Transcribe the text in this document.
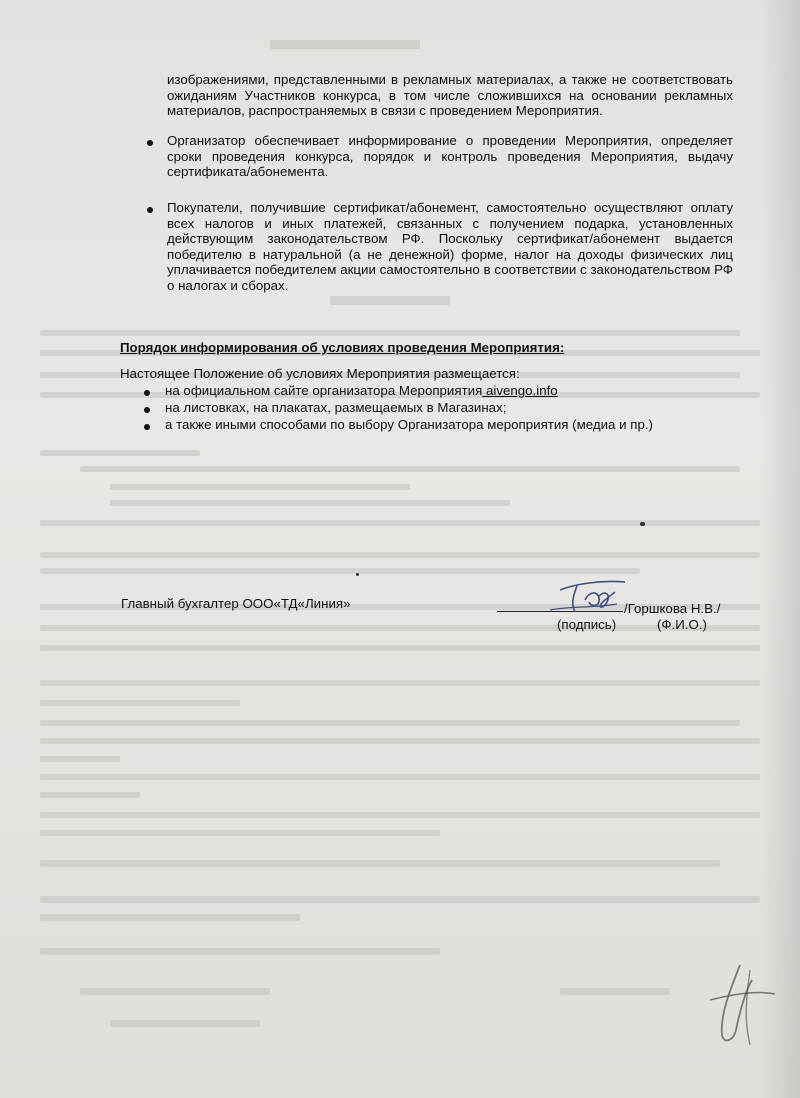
изображениями, представленными в рекламных материалах, а также не соответствовать ожиданиям Участников конкурса, в том числе сложившихся на основании рекламных материалов, распространяемых в связи с проведением Мероприятия.
Организатор обеспечивает информирование о проведении Мероприятия, определяет сроки проведения конкурса, порядок и контроль проведения Мероприятия, выдачу сертификата/абонемента.
Покупатели, получившие сертификат/абонемент, самостоятельно осуществляют оплату всех налогов и иных платежей, связанных с получением подарка, установленных действующим законодательством РФ. Поскольку сертификат/абонемент выдается победителю в натуральной (а не денежной) форме, налог на доходы физических лиц уплачивается победителем акции самостоятельно в соответствии с законодательством РФ о налогах и сборах.
Порядок информирования об условиях проведения Мероприятия:
Настоящее Положение об условиях Мероприятия размещается:
на официальном сайте организатора Мероприятия aivengo.info
на листовках, на плакатах, размещаемых в Магазинах;
а также иными способами по выбору Организатора мероприятия (медиа и пр.)
Главный бухгалтер ООО«ТД«Линия»	/Горшкова Н.В./
(подпись)	(Ф.И.О.)
